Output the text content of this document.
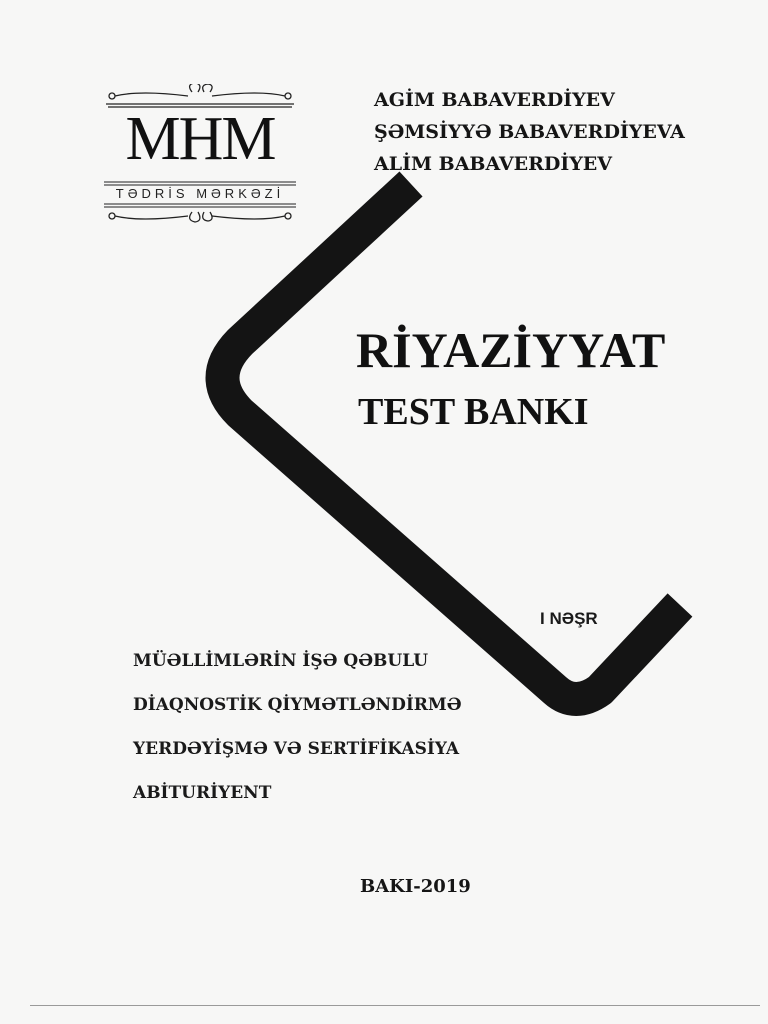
MHM
TƏDRİS MƏRKƏZİ
AGİM BABAVERDİYEV
ŞƏMSİYYƏ BABAVERDİYEVA
ALİM BABAVERDİYEV
RİYAZİYYAT
TEST BANKI
I NƏŞR
MÜƏLLİMLƏRİN İŞƏ QƏBULU
DİAQNOSTİK QİYMƏTLƏNDİRMƏ
YERDƏYİŞMƏ VƏ SERTİFİKASİYA
ABİTURİYENT
BAKI-2019
